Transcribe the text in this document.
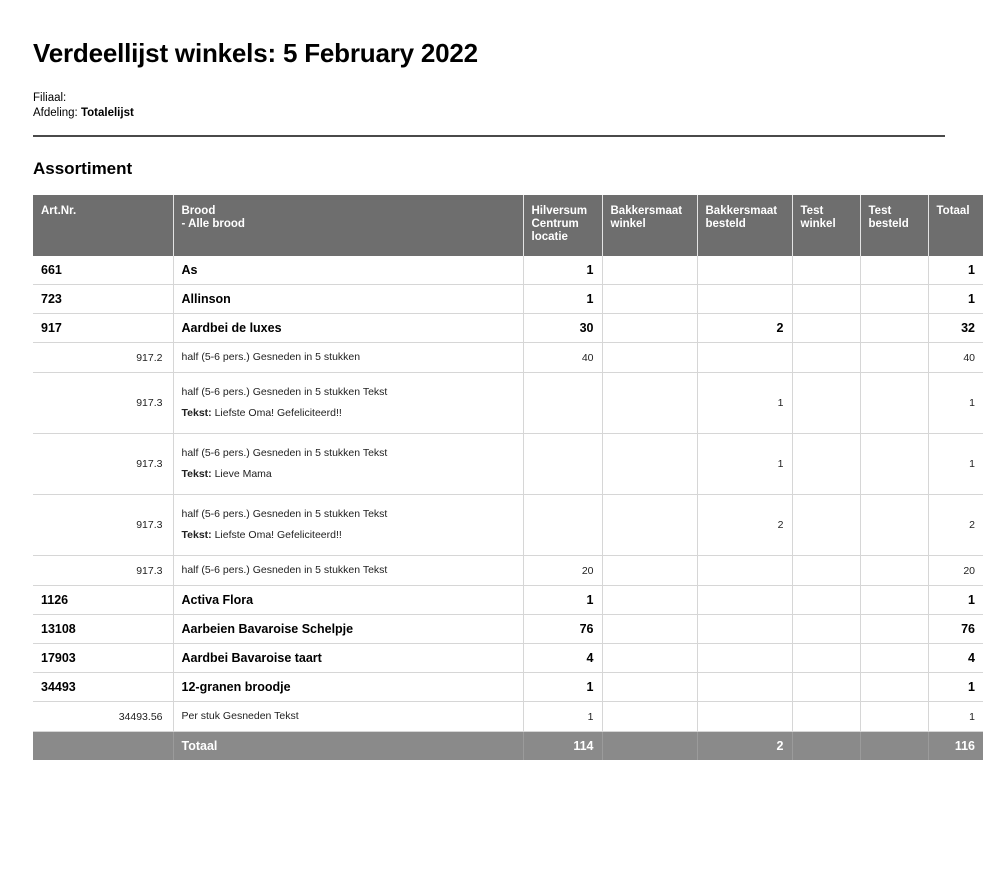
Verdeellijst winkels: 5 February 2022
Filiaal:
Afdeling: Totalelijst
Assortiment
Art.Nr.	Brood
- Alle brood	Hilversum Centrum locatie	Bakkersmaat winkel	Bakkersmaat besteld	Test winkel	Test besteld	Totaal
661	As	1					1
723	Allinson	1					1
917	Aardbei de luxes	30		2			32
917.2	half (5-6 pers.) Gesneden in 5 stukken	40					40
917.3	half (5-6 pers.) Gesneden in 5 stukken Tekst
Tekst: Liefste Oma! Gefeliciteerd!!			1			1
917.3	half (5-6 pers.) Gesneden in 5 stukken Tekst
Tekst: Lieve Mama			1			1
917.3	half (5-6 pers.) Gesneden in 5 stukken Tekst
Tekst: Liefste Oma! Gefeliciteerd!!			2			2
917.3	half (5-6 pers.) Gesneden in 5 stukken Tekst	20					20
1126	Activa Flora	1					1
13108	Aarbeien Bavaroise Schelpje	76					76
17903	Aardbei Bavaroise taart	4					4
34493	12-granen broodje	1					1
34493.56	Per stuk Gesneden Tekst	1					1
	Totaal	114		2			116
